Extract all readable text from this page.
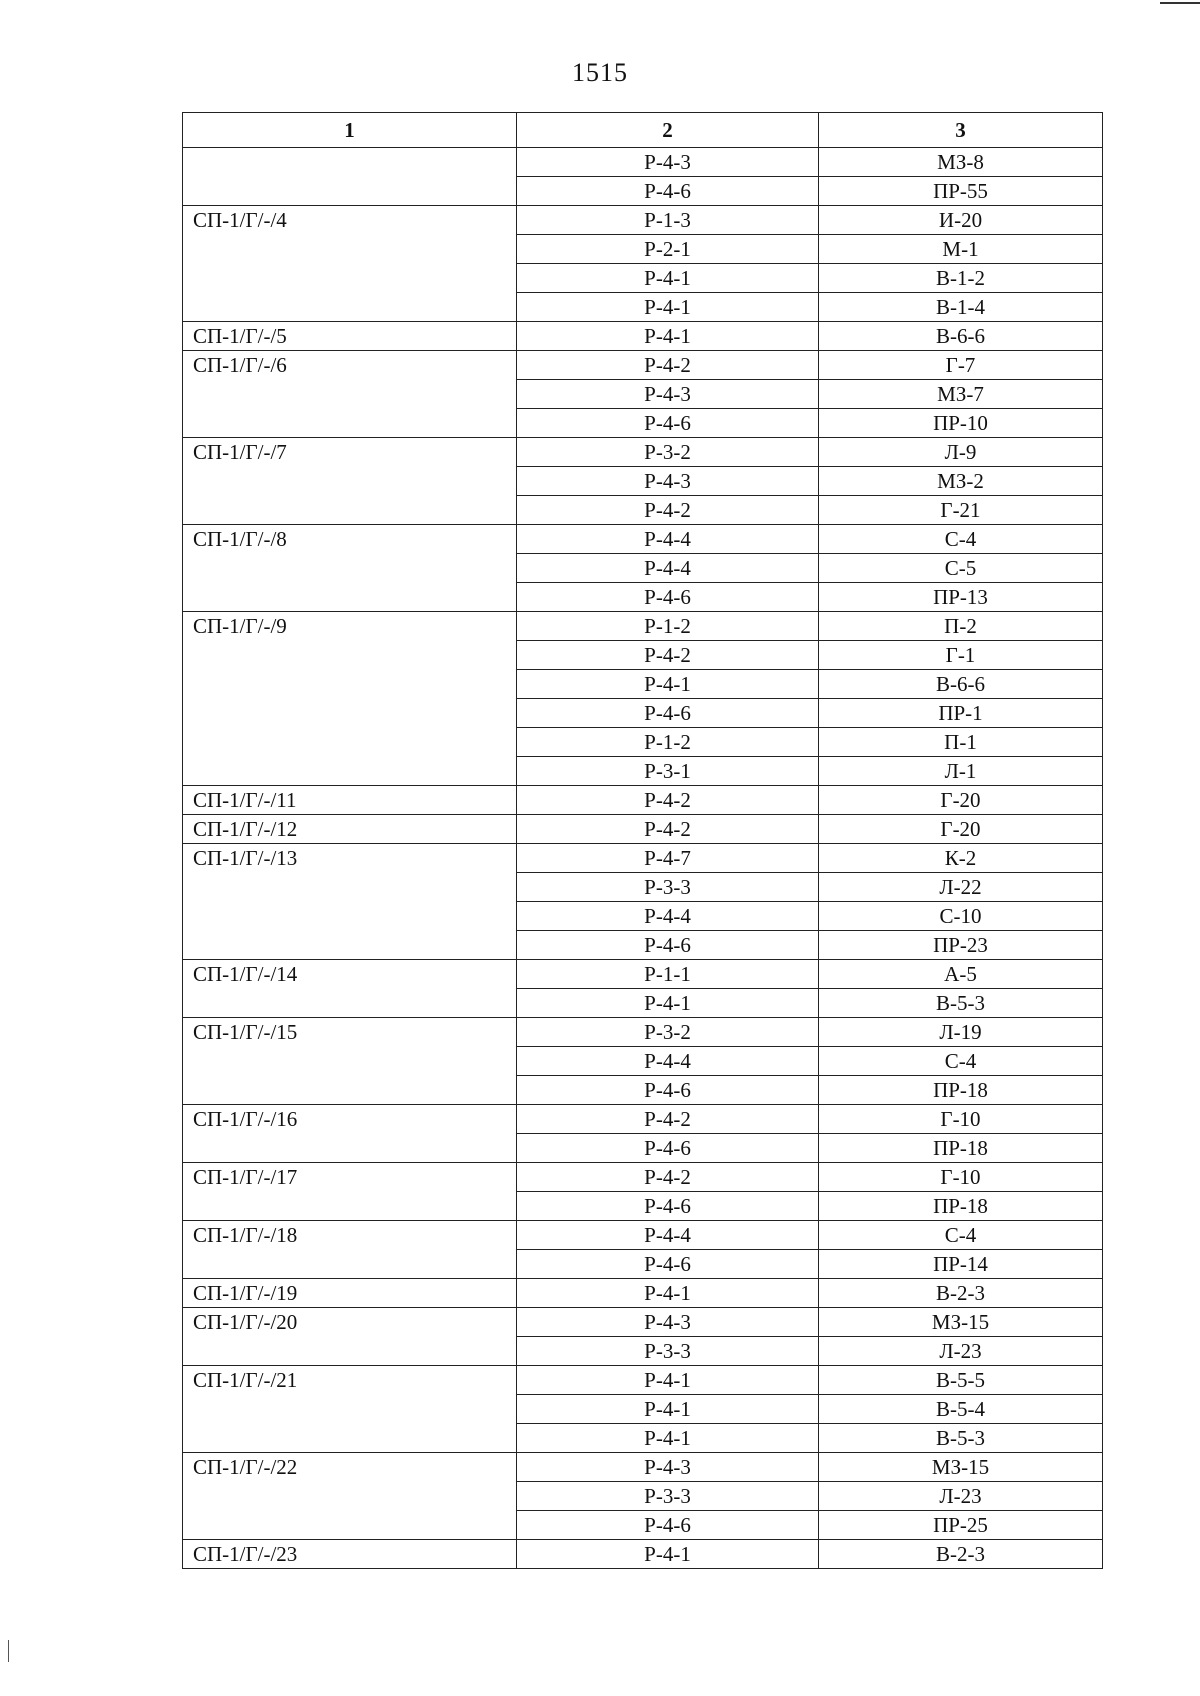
1515
1	2	3
	Р-4-3	МЗ-8
	Р-4-6	ПР-55
СП-1/Г/-/4	Р-1-3	И-20
	Р-2-1	М-1
	Р-4-1	В-1-2
	Р-4-1	В-1-4
СП-1/Г/-/5	Р-4-1	В-6-6
СП-1/Г/-/6	Р-4-2	Г-7
	Р-4-3	МЗ-7
	Р-4-6	ПР-10
СП-1/Г/-/7	Р-3-2	Л-9
	Р-4-3	МЗ-2
	Р-4-2	Г-21
СП-1/Г/-/8	Р-4-4	С-4
	Р-4-4	С-5
	Р-4-6	ПР-13
СП-1/Г/-/9	Р-1-2	П-2
	Р-4-2	Г-1
	Р-4-1	В-6-6
	Р-4-6	ПР-1
	Р-1-2	П-1
	Р-3-1	Л-1
СП-1/Г/-/11	Р-4-2	Г-20
СП-1/Г/-/12	Р-4-2	Г-20
СП-1/Г/-/13	Р-4-7	К-2
	Р-3-3	Л-22
	Р-4-4	С-10
	Р-4-6	ПР-23
СП-1/Г/-/14	Р-1-1	А-5
	Р-4-1	В-5-3
СП-1/Г/-/15	Р-3-2	Л-19
	Р-4-4	С-4
	Р-4-6	ПР-18
СП-1/Г/-/16	Р-4-2	Г-10
	Р-4-6	ПР-18
СП-1/Г/-/17	Р-4-2	Г-10
	Р-4-6	ПР-18
СП-1/Г/-/18	Р-4-4	С-4
	Р-4-6	ПР-14
СП-1/Г/-/19	Р-4-1	В-2-3
СП-1/Г/-/20	Р-4-3	МЗ-15
	Р-3-3	Л-23
СП-1/Г/-/21	Р-4-1	В-5-5
	Р-4-1	В-5-4
	Р-4-1	В-5-3
СП-1/Г/-/22	Р-4-3	МЗ-15
	Р-3-3	Л-23
	Р-4-6	ПР-25
СП-1/Г/-/23	Р-4-1	В-2-3
